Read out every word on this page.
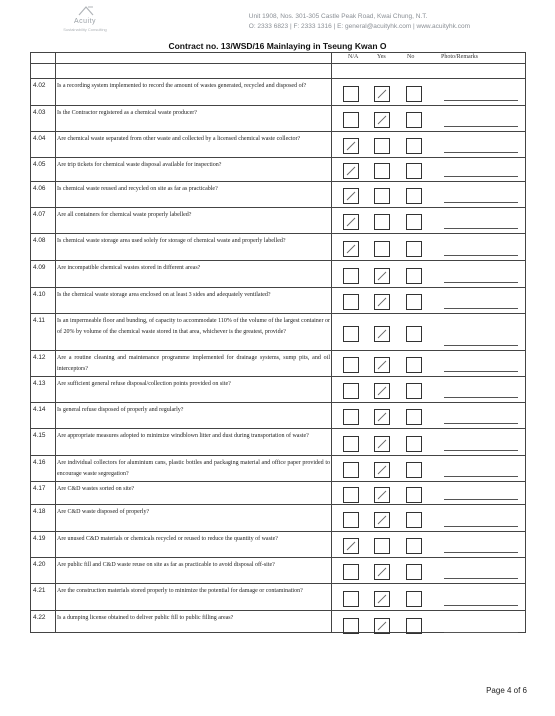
Acuity
Sustainability Consulting
Unit 1908, Nos. 301-305 Castle Peak Road, Kwai Chung, N.T.
O: 2333 6823 | F: 2333 1316 | E: general@acuityhk.com | www.acuityhk.com
Contract no. 13/WSD/16 Mainlaying in Tseung Kwan O
N/A	Yes	No	Photo/Remarks
4.02 Is a recording system implemented to record the amount of wastes generated, recycled and disposed of?
4.03 Is the Contractor registered as a chemical waste producer?
4.04 Are chemical waste separated from other waste and collected by a licensed chemical waste collector?
4.05 Are trip tickets for chemical waste disposal available for inspection?
4.06 Is chemical waste reused and recycled on site as far as practicable?
4.07 Are all containers for chemical waste properly labelled?
4.08 Is chemical waste storage area used solely for storage of chemical waste and properly labelled?
4.09 Are incompatible chemical wastes stored in different areas?
4.10 Is the chemical waste storage area enclosed on at least 3 sides and adequately ventilated?
4.11 Is an impermeable floor and bunding, of capacity to accommodate 110% of the volume of the largest container or of 20% by volume of the chemical waste stored in that area, whichever is the greatest, provide?
4.12 Are a routine cleaning and maintenance programme implemented for drainage systems, sump pits, and oil interceptors?
4.13 Are sufficient general refuse disposal/collection points provided on site?
4.14 Is general refuse disposed of properly and regularly?
4.15 Are appropriate measures adopted to minimize windblown litter and dust during transportation of waste?
4.16 Are individual collectors for aluminium cans, plastic bottles and packaging material and office paper provided to encourage waste segregation?
4.17 Are C&D wastes sorted on site?
4.18 Are C&D waste disposed of properly?
4.19 Are unused C&D materials or chemicals recycled or reused to reduce the quantity of waste?
4.20 Are public fill and C&D waste reuse on site as far as practicable to avoid disposal off-site?
4.21 Are the construction materials stored properly to minimize the potential for damage or contamination?
4.22 Is a dumping license obtained to deliver public fill to public filling areas?
Page 4 of 6
